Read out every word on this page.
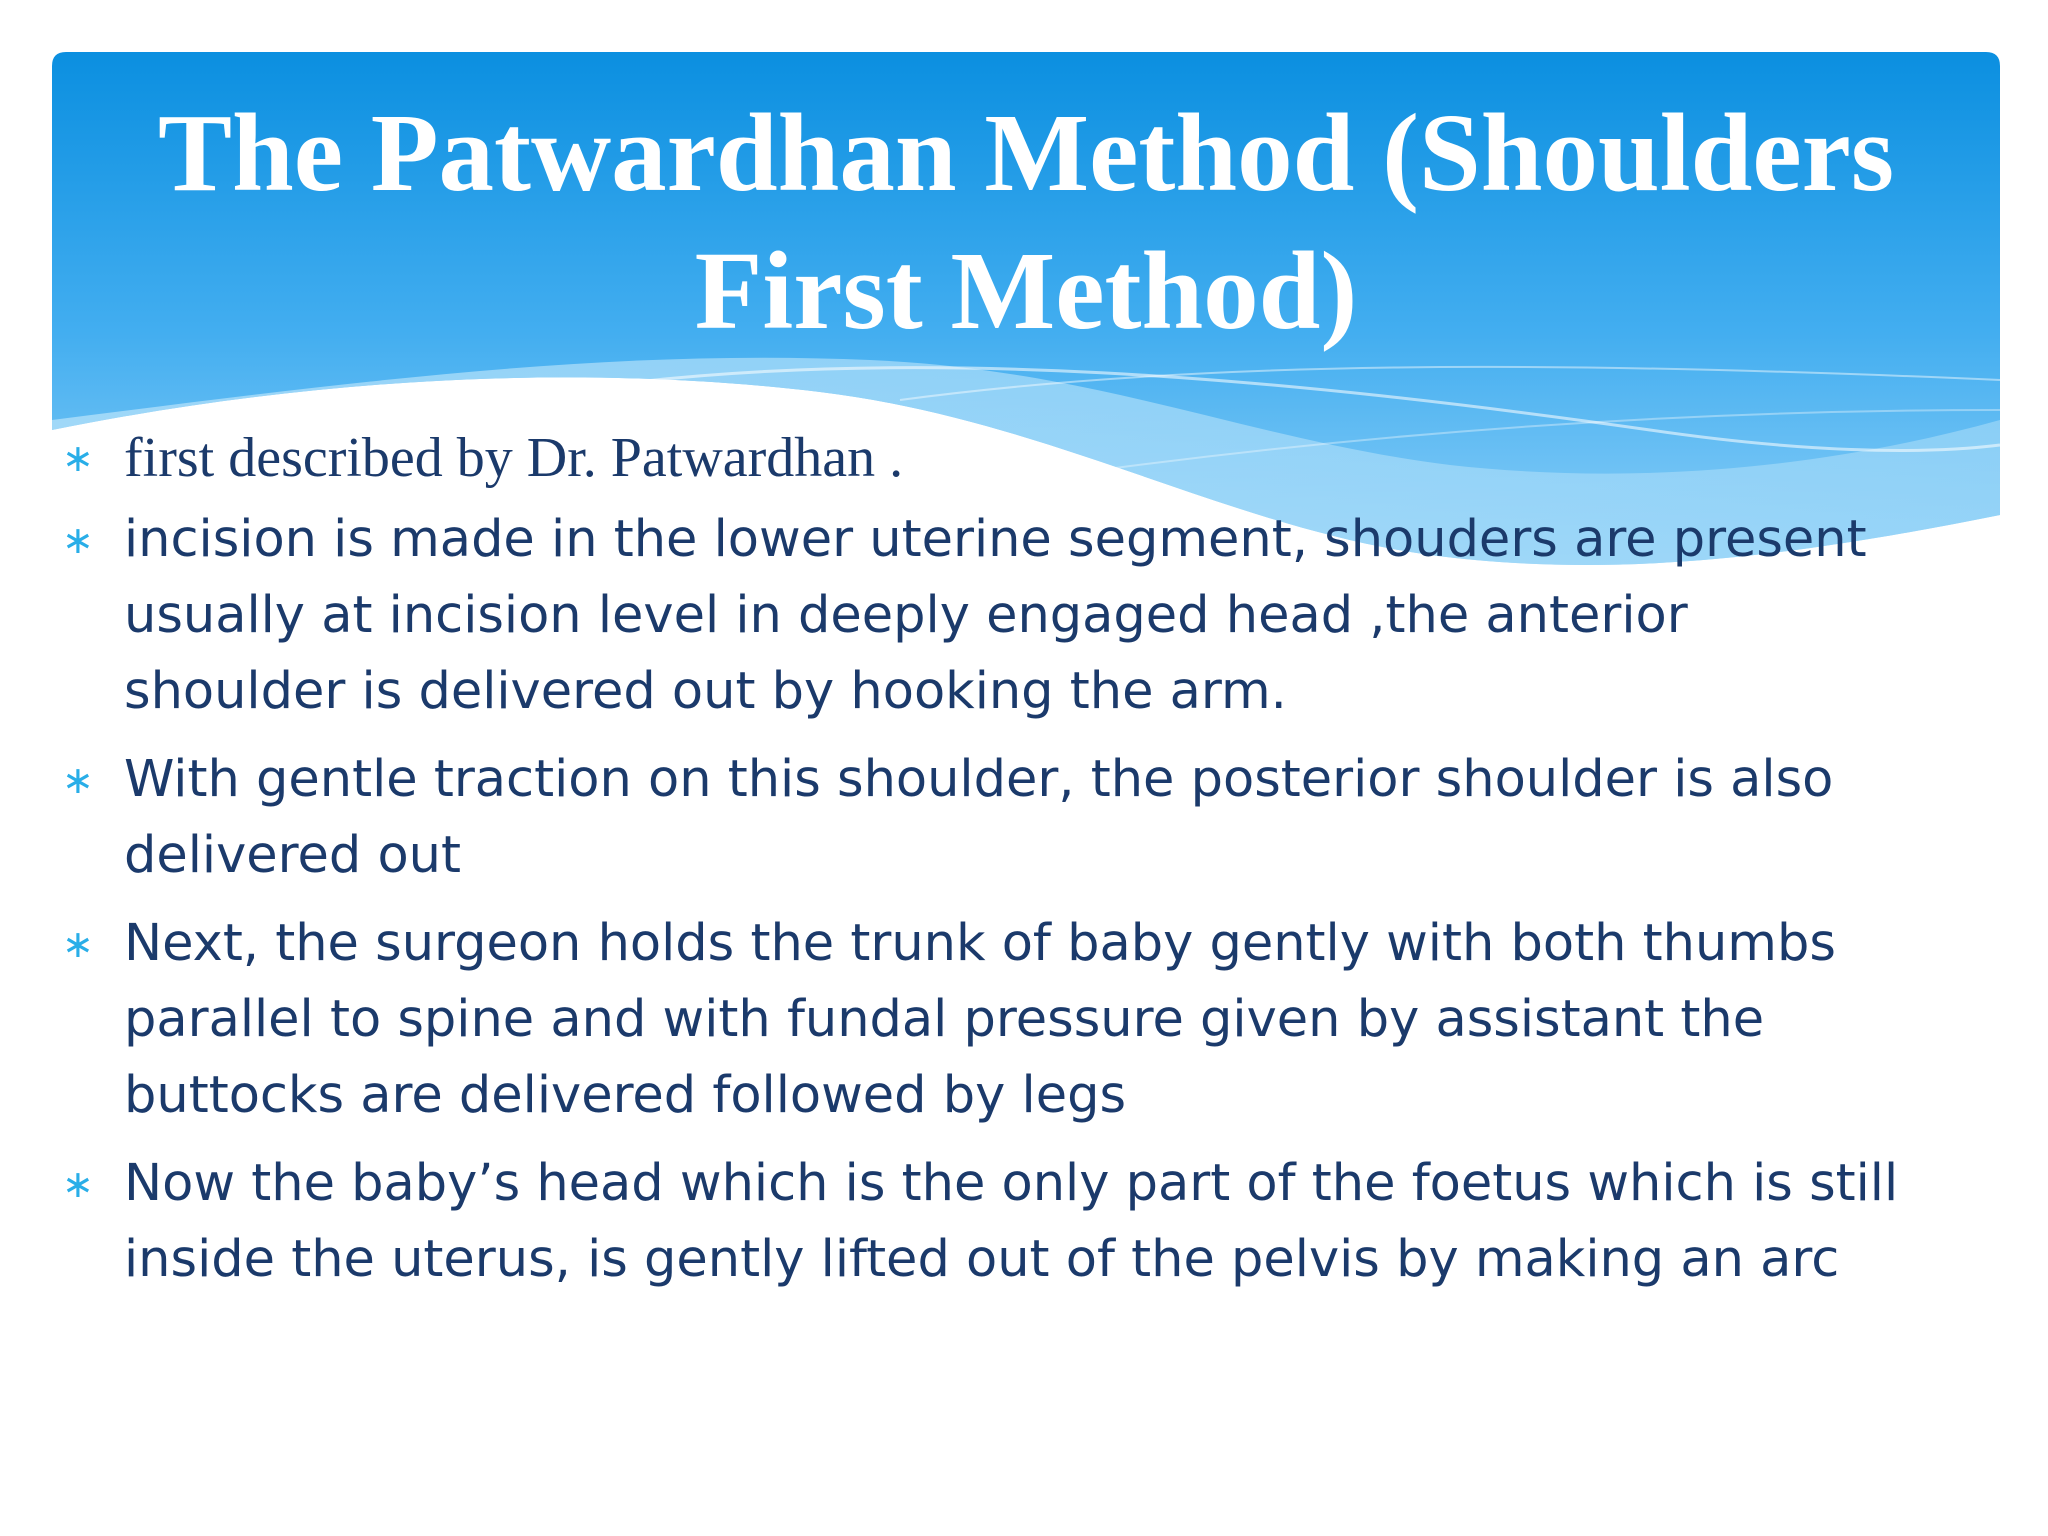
The Patwardhan Method (Shoulders First Method)
∗ first described by Dr. Patwardhan .
∗ incision is made in the lower uterine segment, shouders are present usually at incision level in deeply engaged head ,the anterior shoulder is delivered out by hooking the arm.
∗ With gentle traction on this shoulder, the posterior shoulder is also delivered out
∗ Next, the surgeon holds the trunk of baby gently with both thumbs parallel to spine and with fundal pressure given by assistant the buttocks are delivered followed by legs
∗ Now the baby’s head which is the only part of the foetus which is still inside the uterus, is gently lifted out of the pelvis by making an arc
